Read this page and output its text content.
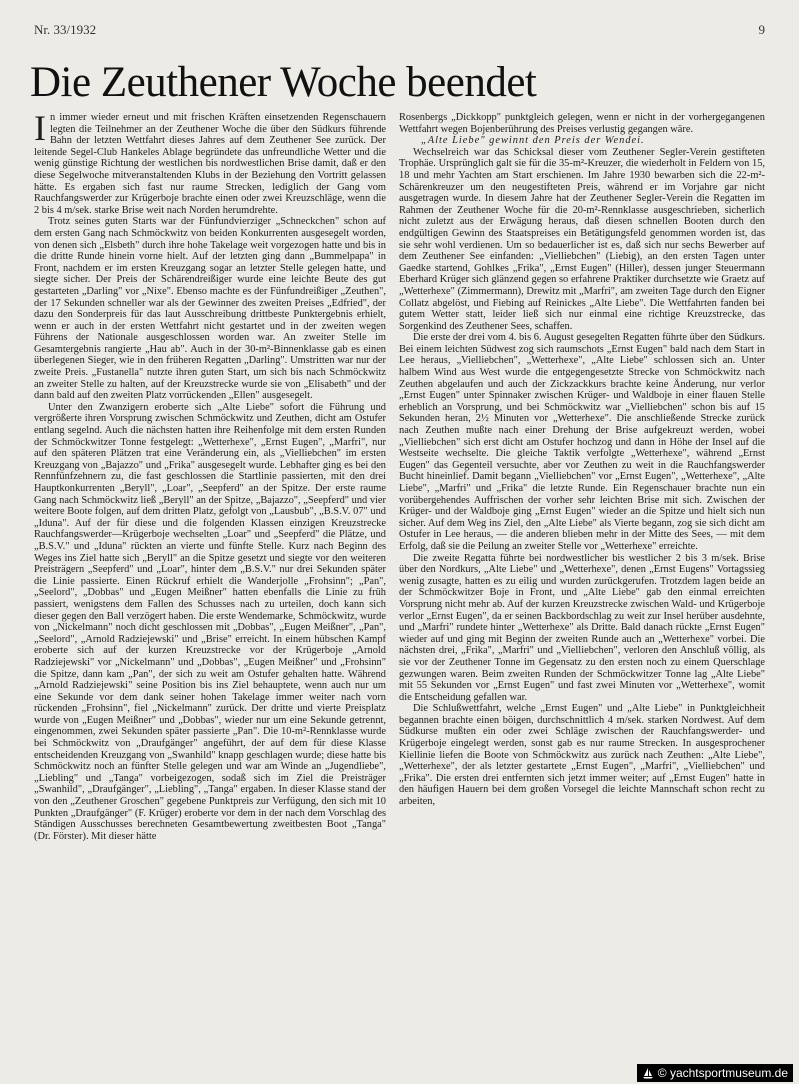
Nr. 33/1932	9
Die Zeuthener Woche beendet

In immer wieder erneut und mit frischen Kräften einsetzenden Regenschauern legten die Teilnehmer an der Zeuthener Woche die über den Südkurs führende Bahn der letzten Wettfahrt dieses Jahres auf dem Zeuthener See zurück. Der leitende Segel-Club Hankeles Ablage begründete das unfreundliche Wetter und die wenig günstige Richtung der westlichen bis nordwestlichen Brise damit, daß er den diese Segelwoche mitveranstaltenden Klubs in der Beziehung den Vortritt gelassen hätte. Es ergaben sich fast nur raume Strecken, lediglich der Gang vom Rauchfangswerder zur Krügerboje brachte einen oder zwei Kreuzschläge, wenn die 2 bis 4 m/sek. starke Brise weit nach Norden herumdrehte.

Trotz seines guten Starts war der Fünfundvierziger „Schneckchen" schon auf dem ersten Gang nach Schmöckwitz von beiden Konkurrenten ausgesegelt worden, von denen sich „Elsbeth" durch ihre hohe Takelage weit vorgezogen hatte und bis in die dritte Runde hinein vorne hielt. Auf der letzten ging dann „Bummelpapa" in Front, nachdem er im ersten Kreuzgang sogar an letzter Stelle gelegen hatte, und siegte sicher. Der Preis der Schärendreißiger wurde eine leichte Beute des gut gestarteten „Darling" vor „Nixe". Ebenso machte es der Fünfundreißiger „Zeuthen", der 17 Sekunden schneller war als der Gewinner des zweiten Preises „Edfried", der dazu den Sonderpreis für das laut Ausschreibung drittbeste Punktergebnis erhielt, wenn er auch in der ersten Wettfahrt nicht gestartet und in der zweiten wegen Führens der Nationale ausgeschlossen worden war. An zweiter Stelle im Gesamtergebnis rangierte „Hau ab". Auch in der 30-m²-Binnenklasse gab es einen überlegenen Sieger, wie in den früheren Regatten „Darling". Umstritten war nur der zweite Preis. „Fustanella" nutzte ihren guten Start, um sich bis nach Schmöckwitz an zweiter Stelle zu halten, auf der Kreuzstrecke wurde sie von „Elisabeth" und der dann bald auf den zweiten Platz vorrückenden „Ellen" ausgesegelt.

Unter den Zwanzigern eroberte sich „Alte Liebe" sofort die Führung und vergrößerte ihren Vorsprung zwischen Schmöckwitz und Zeuthen, dicht am Ostufer entlang segelnd. Auch die nächsten hatten ihre Reihenfolge mit dem ersten Runden der Schmöckwitzer Tonne festgelegt: „Wetterhexe", „Ernst Eugen", „Marfri", nur auf den späteren Plätzen trat eine Veränderung ein, als „Vielliebchen" im ersten Kreuzgang von „Bajazzo" und „Frika" ausgesegelt wurde. Lebhafter ging es bei den Rennfünfzehnern zu, die fast geschlossen die Startlinie passierten, mit den drei Hauptkonkurrenten „Beryll", „Loar", „Seepferd" an der Spitze. Der erste raume Gang nach Schmöckwitz ließ „Beryll" an der Spitze, „Bajazzo", „Seepferd" und vier weitere Boote folgen, auf dem dritten Platz, gefolgt von „Lausbub", „B.S.V. 07" und „Iduna". Auf der für diese und die folgenden Klassen einzigen Kreuzstrecke Rauchfangswerder—Krügerboje wechselten „Loar" und „Seepferd" die Plätze, und „B.S.V." und „Iduna" rückten an vierte und fünfte Stelle. Kurz nach Beginn des Weges ins Ziel hatte sich „Beryll" an die Spitze gesetzt und siegte vor den weiteren Preisträgern „Seepferd" und „Loar", hinter dem „B.S.V." nur drei Sekunden später die Linie passierte. Einen Rückruf erhielt die Wanderjolle „Frohsinn"; „Pan", „Seelord", „Dobbas" und „Eugen Meißner" hatten ebenfalls die Linie zu früh passiert, wenigstens dem Fallen des Schusses nach zu urteilen, doch kann sich dieser gegen den Ball verzögert haben. Die erste Wendemarke, Schmöckwitz, wurde von „Nickelmann" noch dicht geschlossen mit „Dobbas", „Eugen Meißner", „Pan", „Seelord", „Arnold Radziejewski" und „Brise" erreicht. In einem hübschen Kampf eroberte sich auf der kurzen Kreuzstrecke vor der Krügerboje „Arnold Radziejewski" vor „Nickelmann" und „Dobbas", „Eugen Meißner" und „Frohsinn" die Spitze, dann kam „Pan", der sich zu weit am Ostufer gehalten hatte. Während „Arnold Radziejewski" seine Position bis ins Ziel behauptete, wenn auch nur um eine Sekunde vor dem dank seiner hohen Takelage immer weiter nach vorn rückenden „Frohsinn", fiel „Nickelmann" zurück. Der dritte und vierte Preisplatz wurde von „Eugen Meißner" und „Dobbas", wieder nur um eine Sekunde getrennt, eingenommen, zwei Sekunden später passierte „Pan". Die 10-m²-Rennklasse wurde bei Schmöckwitz von „Draufgänger" angeführt, der auf dem für diese Klasse entscheidenden Kreuzgang von „Swanhild" knapp geschlagen wurde; diese hatte bis Schmöckwitz noch an fünfter Stelle gelegen und war am Winde an „Jugendliebe", „Liebling" und „Tanga" vorbeigezogen, sodaß sich im Ziel die Preisträger „Swanhild", „Draufgänger", „Liebling", „Tanga" ergaben. In dieser Klasse stand der von den „Zeuthener Groschen" gegebene Punktpreis zur Verfügung, den sich mit 10 Punkten „Draufgänger" (F. Krüger) eroberte vor dem in der nach dem Vorschlag des Ständigen Ausschusses berechneten Gesamtbewertung zweitbesten Boot „Tanga" (Dr. Förster). Mit dieser hätte

Rosenbergs „Dickkopp" punktgleich gelegen, wenn er nicht in der vorhergegangenen Wettfahrt wegen Bojenberührung des Preises verlustig gegangen wäre.

„Alte Liebe" gewinnt den Preis der Wendei.

Wechselreich war das Schicksal dieser vom Zeuthener Segler-Verein gestifteten Trophäe. Ursprünglich galt sie für die 35-m²-Kreuzer, die wiederholt in Feldern von 15, 18 und mehr Yachten am Start erschienen. Im Jahre 1930 bewarben sich die 22-m²-Schärenkreuzer um den neugestifteten Preis, während er im Vorjahre gar nicht ausgetragen wurde. In diesem Jahre hat der Zeuthener Segler-Verein die Regatten im Rahmen der Zeuthener Woche für die 20-m²-Rennklasse ausgeschrieben, sicherlich nicht zuletzt aus der Erwägung heraus, daß diesen schnellen Booten durch den endgültigen Gewinn des Staatspreises ein Betätigungsfeld genommen worden ist, das sie sehr wohl verdienen. Um so bedauerlicher ist es, daß sich nur sechs Bewerber auf dem Zeuthener See einfanden: „Vielliebchen" (Liebig), an den ersten Tagen unter Gaedke startend, Gohlkes „Frika", „Ernst Eugen" (Hiller), dessen junger Steuermann Eberhard Krüger sich glänzend gegen so erfahrene Praktiker durchsetzte wie Graetz auf „Wetterhexe" (Zimmermann), Drewitz mit „Marfri", am zweiten Tage durch den Eigner Collatz abgelöst, und Fiebing auf Reinickes „Alte Liebe". Die Wettfahrten fanden bei gutem Wetter statt, leider ließ sich nur einmal eine richtige Kreuzstrecke, das Sorgenkind des Zeuthener Sees, schaffen.

Die erste der drei vom 4. bis 6. August gesegelten Regatten führte über den Südkurs. Bei einem leichten Südwest zog sich raumschots „Ernst Eugen" bald nach dem Start in Lee heraus, „Vielliebchen", „Wetterhexe", „Alte Liebe" schlossen sich an. Unter halbem Wind aus West wurde die entgegengesetzte Strecke von Schmöckwitz nach Zeuthen abgelaufen und auch der Zickzackkurs brachte keine Änderung, nur verlor „Ernst Eugen" unter Spinnaker zwischen Krüger- und Waldboje in einer flauen Stelle erheblich an Vorsprung, und bei Schmöckwitz war „Vielliebchen" schon bis auf 15 Sekunden heran, 2½ Minuten vor „Wetterhexe". Die anschließende Strecke zurück nach Zeuthen mußte nach einer Drehung der Brise aufgekreuzt werden, wobei „Vielliebchen" sich erst dicht am Ostufer hochzog und dann in Höhe der Insel auf die Westseite wechselte. Die gleiche Taktik verfolgte „Wetterhexe", während „Ernst Eugen" das Gegenteil versuchte, aber vor Zeuthen zu weit in die Rauchfangswerder Bucht hineinlief. Damit begann „Vielliebchen" vor „Ernst Eugen", „Wetterhexe", „Alte Liebe", „Marfri" und „Frika" die letzte Runde. Ein Regenschauer brachte nun ein vorübergehendes Auffrischen der vorher sehr leichten Brise mit sich. Zwischen der Krüger- und der Waldboje ging „Ernst Eugen" wieder an die Spitze und hielt sich nun sicher. Auf dem Weg ins Ziel, den „Alte Liebe" als Vierte begann, zog sie sich dicht am Ostufer in Lee heraus, — die anderen blieben mehr in der Mitte des Sees, — mit dem Erfolg, daß sie die Peilung an zweiter Stelle vor „Wetterhexe" erreichte.

Die zweite Regatta führte bei nordwestlicher bis westlicher 2 bis 3 m/sek. Brise über den Nordkurs, „Alte Liebe" und „Wetterhexe", denen „Ernst Eugens" Vortagssieg wenig zusagte, hatten es zu eilig und wurden zurückgerufen. Trotzdem lagen beide an der Schmöckwitzer Boje in Front, und „Alte Liebe" gab den einmal erreichten Vorsprung nicht mehr ab. Auf der kurzen Kreuzstrecke zwischen Wald- und Krügerboje verlor „Ernst Eugen", da er seinen Backbordschlag zu weit zur Insel herüber ausdehnte, und „Marfri" rundete hinter „Wetterhexe" als Dritte. Bald danach rückte „Ernst Eugen" wieder auf und ging mit Beginn der zweiten Runde auch an „Wetterhexe" vorbei. Die nächsten drei, „Frika", „Marfri" und „Vielliebchen", verloren den Anschluß völlig, als sie vor der Zeuthener Tonne im Gegensatz zu den ersten noch zu einem Querschlage gezwungen waren. Beim zweiten Runden der Schmöckwitzer Tonne lag „Alte Liebe" mit 55 Sekunden vor „Ernst Eugen" und fast zwei Minuten vor „Wetterhexe", womit die Entscheidung gefallen war.

Die Schlußwettfahrt, welche „Ernst Eugen" und „Alte Liebe" in Punktgleichheit begannen brachte einen böigen, durchschnittlich 4 m/sek. starken Nordwest. Auf dem Südkurse mußten ein oder zwei Schläge zwischen der Rauchfangswerder- und Krügerboje eingelegt werden, sonst gab es nur raume Strecken. In ausgesprochener Kiellinie liefen die Boote von Schmöckwitz aus zurück nach Zeuthen: „Alte Liebe", „Wetterhexe", der als letzter gestartete „Ernst Eugen", „Marfri", „Vielliebchen" und „Frika". Die ersten drei entfernten sich jetzt immer weiter; auf „Ernst Eugen" hatte in den häufigen Hauern bei dem großen Vorsegel die leichte Mannschaft schon recht zu arbeiten,

© yachtsportmuseum.de
